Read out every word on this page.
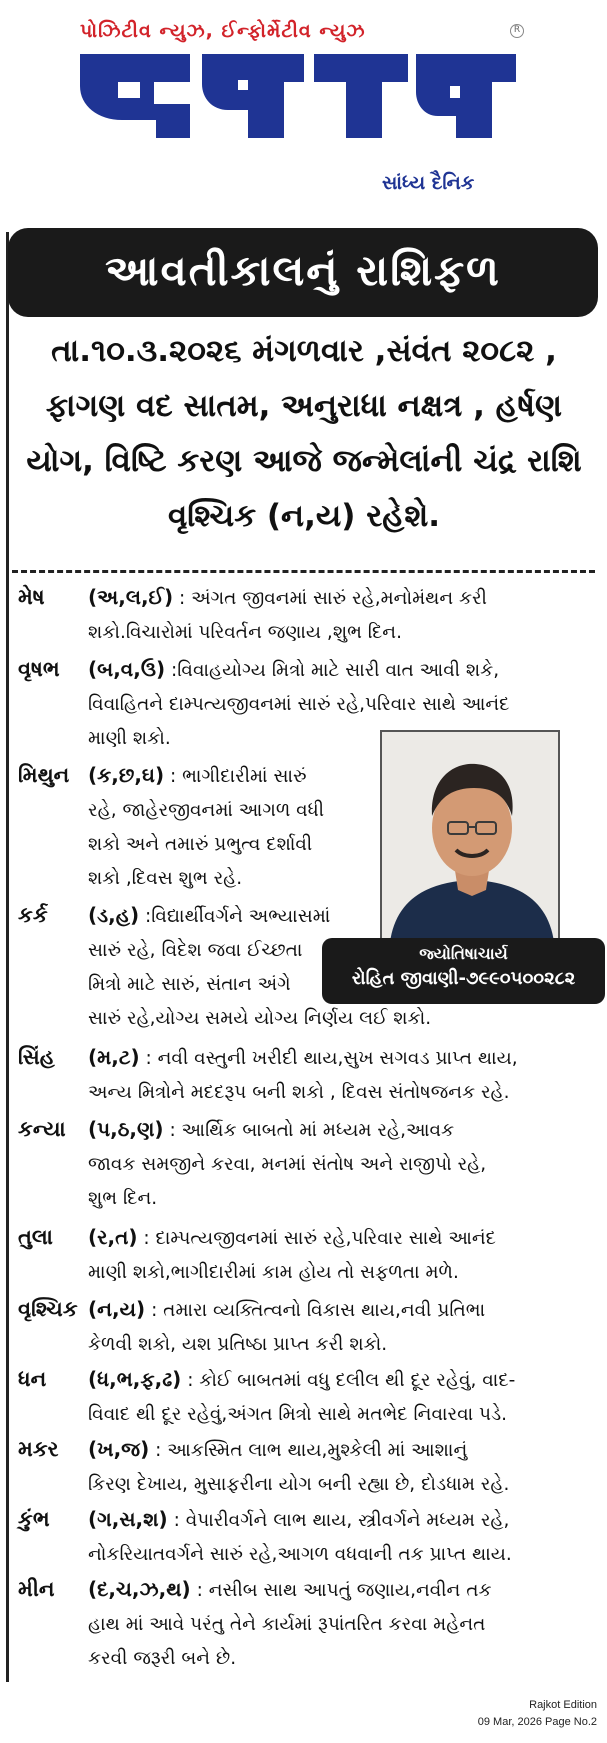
પોઝિટીવ ન્યુઝ, ઈન્ફોર્મેટીવ ન્યુઝ	R
સાંધ્ય દૈનિક
આવતીકાલનું રાશિફળ
તા.૧૦.૩.૨૦૨૬ મંગળવાર ,સંવંત ૨૦૮૨ ,
ફાગણ વદ સાતમ, અનુરાધા નક્ષત્ર , હર્ષણ
યોગ, વિષ્ટિ કરણ આજે જન્મેલાંની ચંદ્ર રાશિ
વૃશ્ચિક (ન,ય) રહેશે.
મેષ	(અ,લ,ઈ) : અંગત જીવનમાં સારું રહે,મનોમંથન કરી
શકો.વિચારોમાં પરિવર્તન જણાય ,શુભ દિન.
વૃષભ	(બ,વ,ઉ) :વિવાહયોગ્ય મિત્રો માટે સારી વાત આવી શકે,
વિવાહિતને દામ્પત્યજીવનમાં સારું રહે,પરિવાર સાથે આનંદ
માણી શકો.
મિથુન (ક,છ,ઘ) : ભાગીદારીમાં સારું
રહે, જાહેરજીવનમાં આગળ વધી
શકો અને તમારું પ્રભુત્વ દર્શાવી
શકો ,દિવસ શુભ રહે.
કર્ક	(ડ,હ) :વિદ્યાર્થીવર્ગને અભ્યાસમાં
સારું રહે, વિદેશ જવા ઈચ્છતા
મિત્રો માટે સારું, સંતાન અંગે
સારું રહે,યોગ્ય સમયે યોગ્ય નિર્ણય લઈ શકો.
સિંહ	(મ,ટ) : નવી વસ્તુની ખરીદી થાય,સુખ સગવડ પ્રાપ્ત થાય,
અન્ય મિત્રોને મદદરૂપ બની શકો , દિવસ સંતોષજનક રહે.
કન્યા	(પ,ઠ,ણ) : આર્થિક બાબતો માં મધ્યમ રહે,આવક
જાવક સમજીને કરવા, મનમાં સંતોષ અને રાજીપો રહે,
શુભ દિન.
તુલા	(ર,ત) : દામ્પત્યજીવનમાં સારું રહે,પરિવાર સાથે આનંદ
માણી શકો,ભાગીદારીમાં કામ હોય તો સફળતા મળે.
વૃશ્ચિક (ન,ય) : તમારા વ્યક્તિત્વનો વિકાસ થાય,નવી પ્રતિભા
કેળવી શકો, યશ પ્રતિષ્ઠા પ્રાપ્ત કરી શકો.
ધન	(ધ,ભ,ફ,ઢ) : કોઈ બાબતમાં વધુ દલીલ થી દૂર રહેવું, વાદ-
વિવાદ થી દૂર રહેવું,અંગત મિત્રો સાથે મતભેદ નિવારવા પડે.
મકર	(ખ,જ) : આકસ્મિત લાભ થાય,મુશ્કેલી માં આશાનું
કિરણ દેખાય, મુસાફરીના યોગ બની રહ્યા છે, દોડધામ રહે.
કુંભ	(ગ,સ,શ) : વેપારીવર્ગને લાભ થાય, સ્ત્રીવર્ગને મધ્યમ રહે,
નોકરિયાતવર્ગને સારું રહે,આગળ વધવાની તક પ્રાપ્ત થાય.
મીન	(દ,ચ,ઝ,થ) : નસીબ સાથ આપતું જણાય,નવીન તક
હાથ માં આવે પરંતુ તેને કાર્યમાં રૂપાંતરિત કરવા મહેનત
કરવી જરૂરી બને છે.
જ્યોતિષાચાર્ય
રોહિત જીવાણી-૭૯૯૦૫૦૦૨૮૨
Rajkot Edition
09 Mar, 2026 Page No.2
